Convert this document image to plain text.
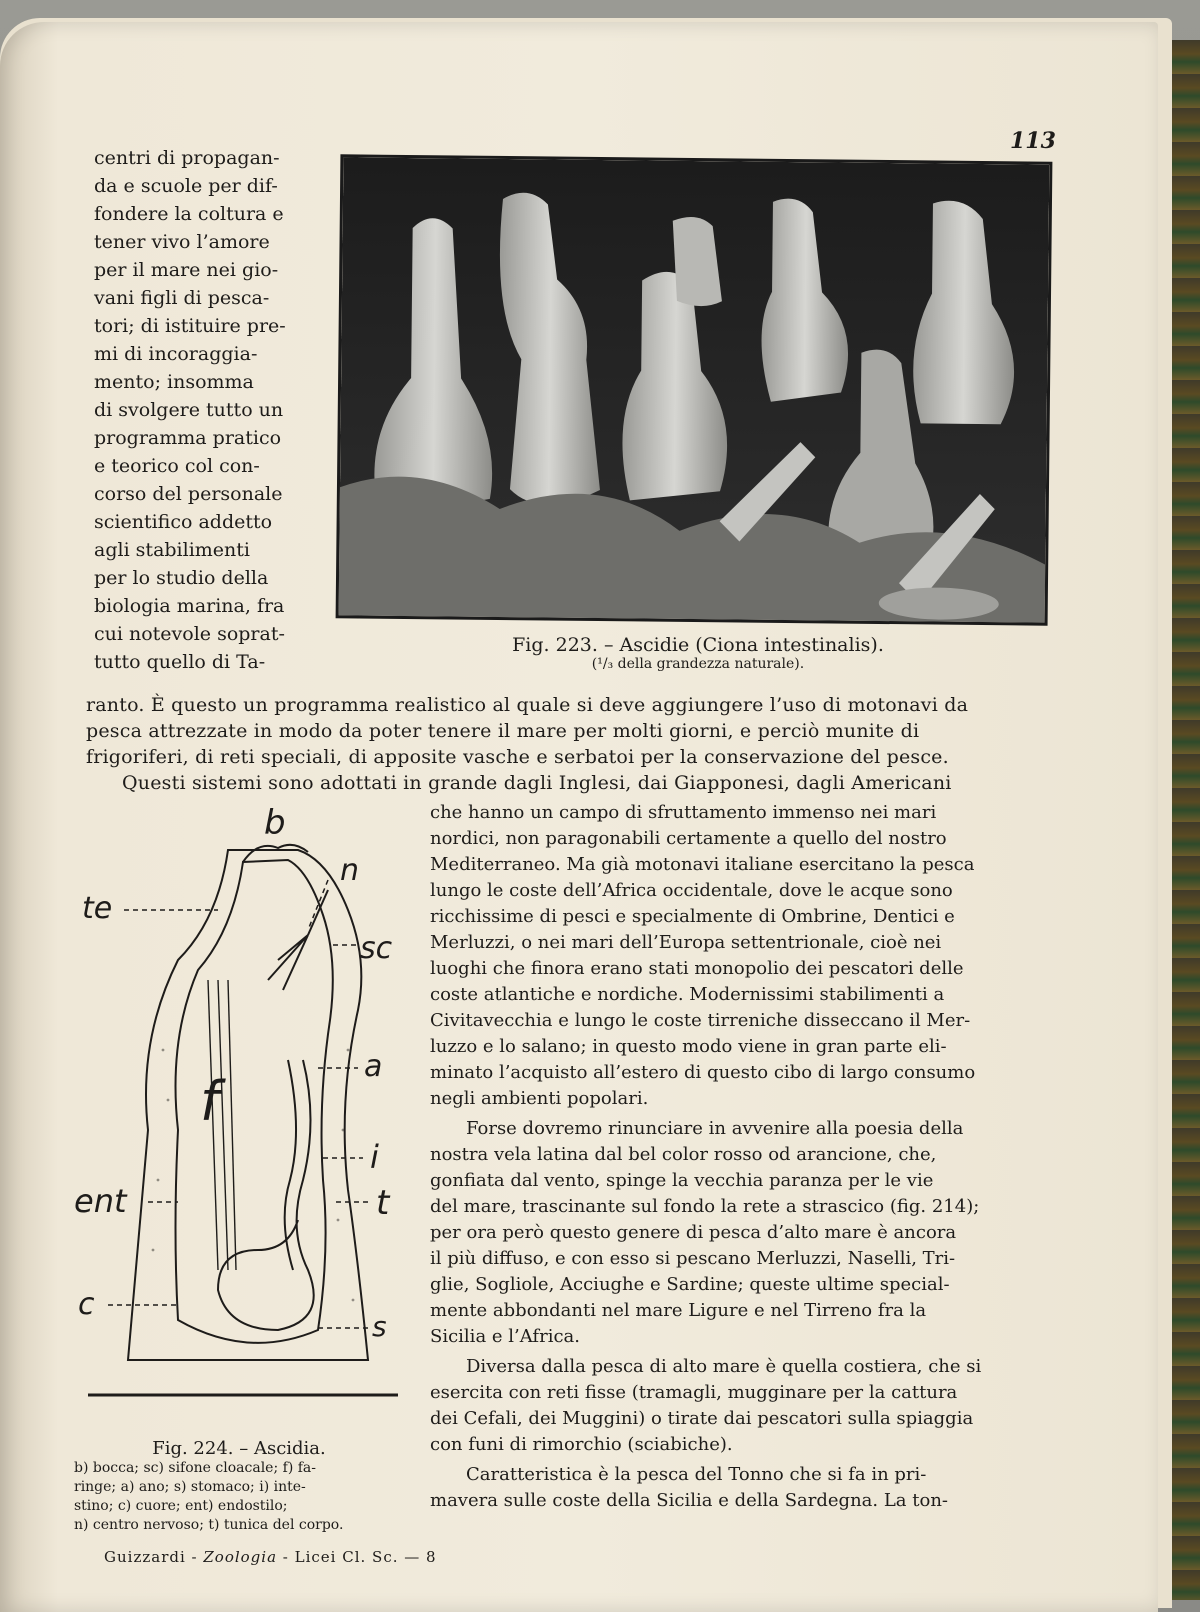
113
centri di propagan-
da e scuole per dif-
fondere la coltura e
tener vivo l’amore
per il mare nei gio-
vani figli di pesca-
tori; di istituire pre-
mi di incoraggia-
mento; insomma
di svolgere tutto un
programma pratico
e teorico col con-
corso del personale
scientifico addetto
agli stabilimenti
per lo studio della
biologia marina, fra
cui notevole soprat-
tutto quello di Ta-
Fig. 223. – Ascidie (Ciona intestinalis).
(¹/₃ della grandezza naturale).
ranto. È questo un programma realistico al quale si deve aggiungere l’uso di motonavi da
pesca attrezzate in modo da poter tenere il mare per molti giorni, e perciò munite di
frigoriferi, di reti speciali, di apposite vasche e serbatoi per la conservazione del pesce.
Questi sistemi sono adottati in grande dagli Inglesi, dai Giapponesi, dagli Americani
b
n
te
sc
f
a
i
ent	t
c
s
Fig. 224. – Ascidia.
b) bocca; sc) sifone cloacale; f) fa-
ringe; a) ano; s) stomaco; i) inte-
stino; c) cuore; ent) endostilo;
n) centro nervoso; t) tunica del corpo.
che hanno un campo di sfruttamento immenso nei mari
nordici, non paragonabili certamente a quello del nostro
Mediterraneo. Ma già motonavi italiane esercitano la pesca
lungo le coste dell’Africa occidentale, dove le acque sono
ricchissime di pesci e specialmente di Ombrine, Dentici e
Merluzzi, o nei mari dell’Europa settentrionale, cioè nei
luoghi che finora erano stati monopolio dei pescatori delle
coste atlantiche e nordiche. Modernissimi stabilimenti a
Civitavecchia e lungo le coste tirreniche disseccano il Mer-
luzzo e lo salano; in questo modo viene in gran parte eli-
minato l’acquisto all’estero di questo cibo di largo consumo
negli ambienti popolari.
Forse dovremo rinunciare in avvenire alla poesia della
nostra vela latina dal bel color rosso od arancione, che,
gonfiata dal vento, spinge la vecchia paranza per le vie
del mare, trascinante sul fondo la rete a strascico (fig. 214);
per ora però questo genere di pesca d’alto mare è ancora
il più diffuso, e con esso si pescano Merluzzi, Naselli, Tri-
glie, Sogliole, Acciughe e Sardine; queste ultime special-
mente abbondanti nel mare Ligure e nel Tirreno fra la
Sicilia e l’Africa.
Diversa dalla pesca di alto mare è quella costiera, che si
esercita con reti fisse (tramagli, mugginare per la cattura
dei Cefali, dei Muggini) o tirate dai pescatori sulla spiaggia
con funi di rimorchio (sciabiche).
Caratteristica è la pesca del Tonno che si fa in pri-
mavera sulle coste della Sicilia e della Sardegna. La ton-
Guizzardi - Zoologia - Licei Cl. Sc. — 8
